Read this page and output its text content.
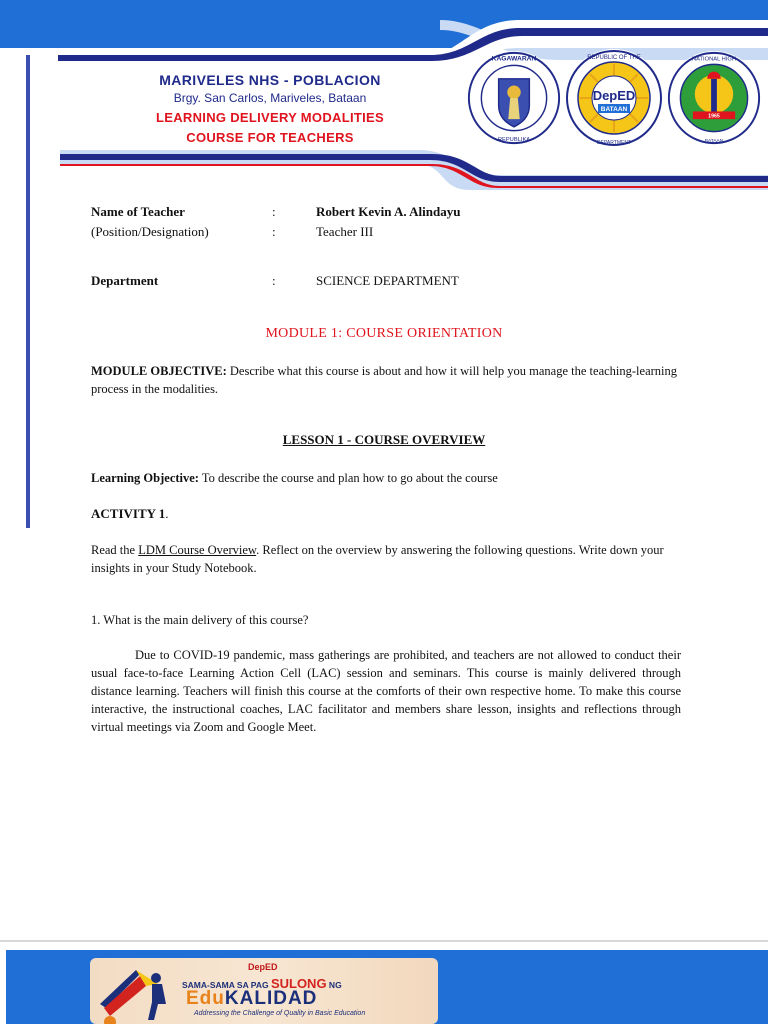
MARIVELES NHS - POBLACION
Brgy. San Carlos, Mariveles, Bataan
LEARNING DELIVERY MODALITIES
COURSE FOR TEACHERS
KAGAWARAN
REPUBLIKA
DepED
BATAAN
REPUBLIC OF THE
DEPARTMENT
1965
NATIONAL HIGH
BATAAN
Name of Teacher	:	Robert Kevin A. Alindayu
(Position/Designation)	:	Teacher III
Department	:	SCIENCE DEPARTMENT
MODULE 1: COURSE ORIENTATION
MODULE OBJECTIVE: Describe what this course is about and how it will help you manage the teaching-learning process in the modalities.
LESSON 1 - COURSE OVERVIEW
Learning Objective: To describe the course and plan how to go about the course
ACTIVITY 1.
Read the LDM Course Overview. Reflect on the overview by answering the following questions. Write down your insights in your Study Notebook.
1. What is the main delivery of this course?
Due to COVID-19 pandemic, mass gatherings are prohibited, and teachers are not allowed to conduct their usual face-to-face Learning Action Cell (LAC) session and seminars. This course is mainly delivered through distance learning. Teachers will finish this course at the comforts of their own respective home. To make this course interactive, the instructional coaches, LAC facilitator and members share lesson, insights and reflections through virtual meetings via Zoom and Google Meet.
DepED
SAMA-SAMA SA PAG SULONG NG
EduKALIDAD
Addressing the Challenge of Quality in Basic Education
